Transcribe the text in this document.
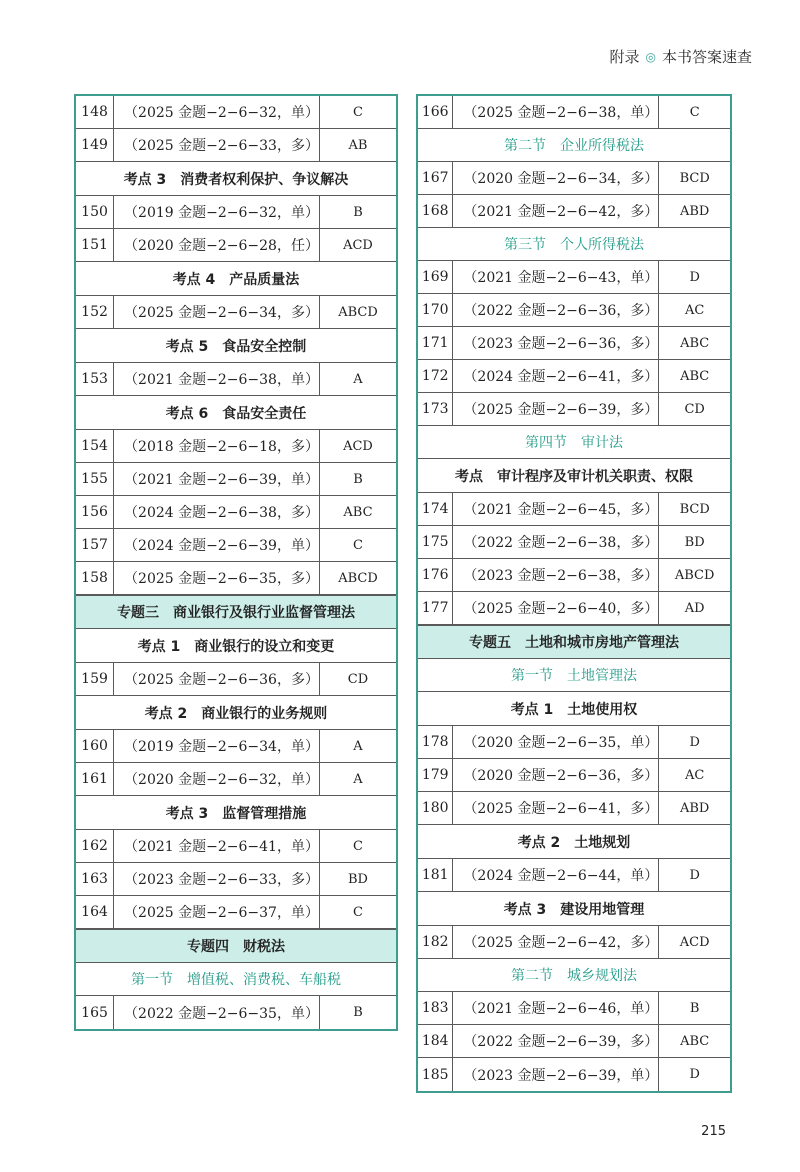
附录 ◎ 本书答案速查
148	（2025 金题−2−6−32，单）	C
149	（2025 金题−2−6−33，多）	AB
考点 3　消费者权利保护、争议解决
150	（2019 金题−2−6−32，单）	B
151	（2020 金题−2−6−28，任）	ACD
考点 4　产品质量法
152	（2025 金题−2−6−34，多）	ABCD
考点 5　食品安全控制
153	（2021 金题−2−6−38，单）	A
考点 6　食品安全责任
154	（2018 金题−2−6−18，多）	ACD
155	（2021 金题−2−6−39，单）	B
156	（2024 金题−2−6−38，多）	ABC
157	（2024 金题−2−6−39，单）	C
158	（2025 金题−2−6−35，多）	ABCD
专题三　商业银行及银行业监督管理法
考点 1　商业银行的设立和变更
159	（2025 金题−2−6−36，多）	CD
考点 2　商业银行的业务规则
160	（2019 金题−2−6−34，单）	A
161	（2020 金题−2−6−32，单）	A
考点 3　监督管理措施
162	（2021 金题−2−6−41，单）	C
163	（2023 金题−2−6−33，多）	BD
164	（2025 金题−2−6−37，单）	C
专题四　财税法
第一节　增值税、消费税、车船税
165	（2022 金题−2−6−35，单）	B
166	（2025 金题−2−6−38，单）	C
第二节　企业所得税法
167	（2020 金题−2−6−34，多）	BCD
168	（2021 金题−2−6−42，多）	ABD
第三节　个人所得税法
169	（2021 金题−2−6−43，单）	D
170	（2022 金题−2−6−36，多）	AC
171	（2023 金题−2−6−36，多）	ABC
172	（2024 金题−2−6−41，多）	ABC
173	（2025 金题−2−6−39，多）	CD
第四节　审计法
考点　审计程序及审计机关职责、权限
174	（2021 金题−2−6−45，多）	BCD
175	（2022 金题−2−6−38，多）	BD
176	（2023 金题−2−6−38，多）	ABCD
177	（2025 金题−2−6−40，多）	AD
专题五　土地和城市房地产管理法
第一节　土地管理法
考点 1　土地使用权
178	（2020 金题−2−6−35，单）	D
179	（2020 金题−2−6−36，多）	AC
180	（2025 金题−2−6−41，多）	ABD
考点 2　土地规划
181	（2024 金题−2−6−44，单）	D
考点 3　建设用地管理
182	（2025 金题−2−6−42，多）	ACD
第二节　城乡规划法
183	（2021 金题−2−6−46，单）	B
184	（2022 金题−2−6−39，多）	ABC
185	（2023 金题−2−6−39，单）	D
215
